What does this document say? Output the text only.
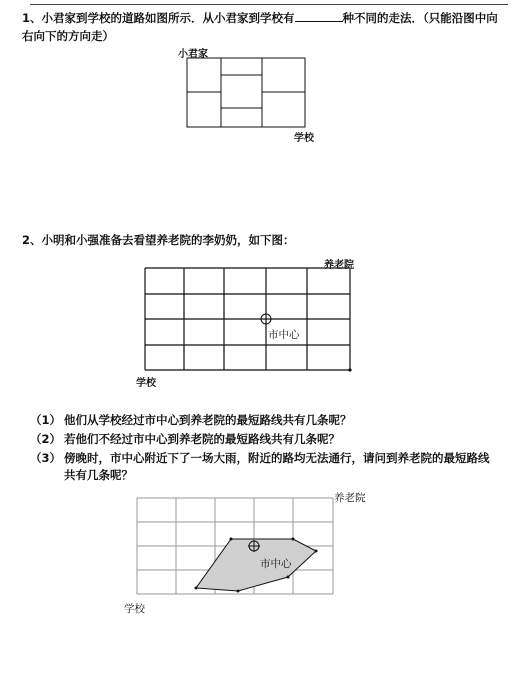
1、小君家到学校的道路如图所示．从小君家到学校有	种不同的走法．（只能沿图中向右向下的方向走）
小君家
学校
2、小明和小强准备去看望养老院的李奶奶，如下图：
养老院
市中心
学校
（1） 他们从学校经过市中心到养老院的最短路线共有几条呢？
（2） 若他们不经过市中心到养老院的最短路线共有几条呢？
（3） 傍晚时，市中心附近下了一场大雨，附近的路均无法通行，请问到养老院的最短路线共有几条呢？
养老院
市中心
学校
